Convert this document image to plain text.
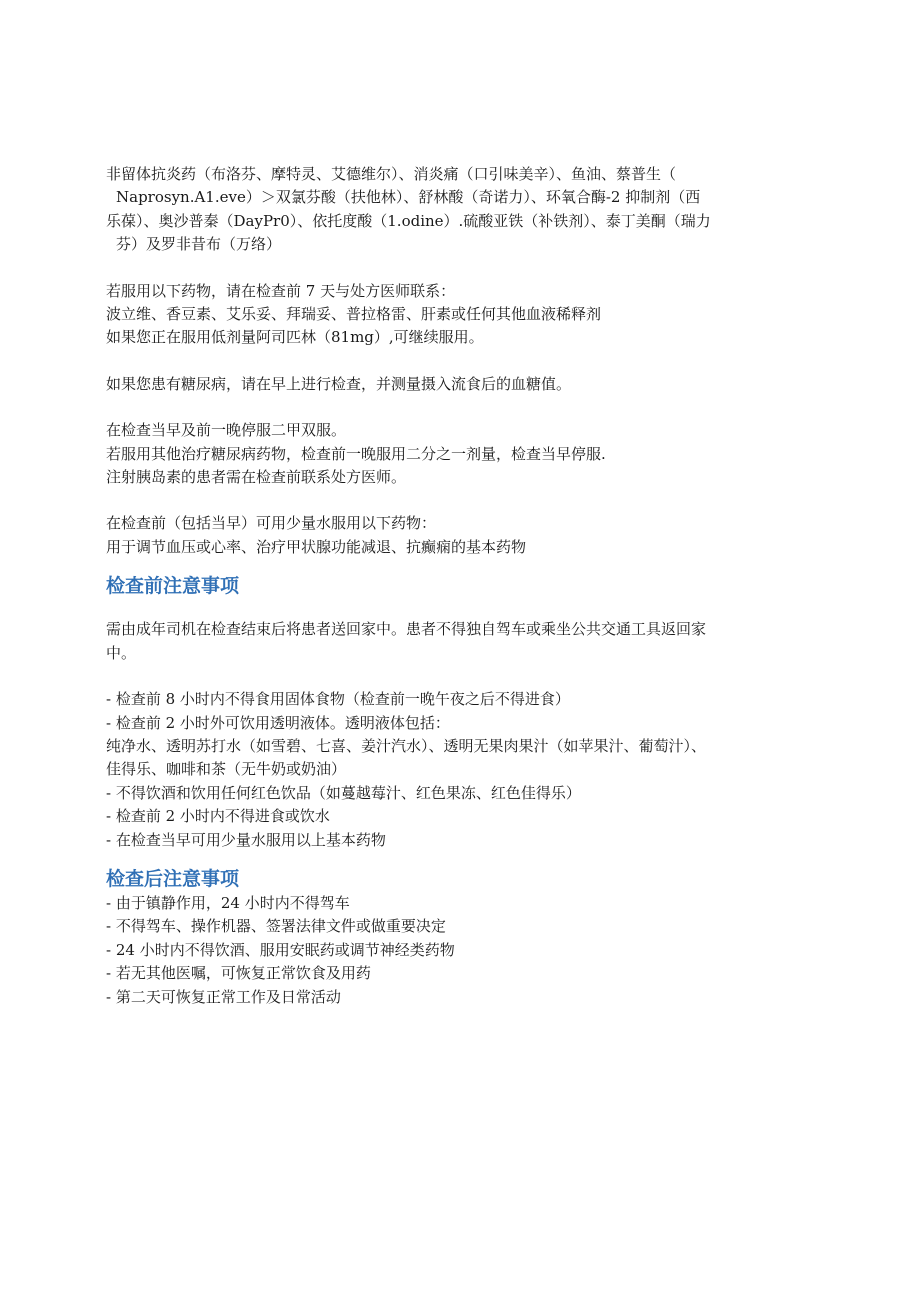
非留体抗炎药（布洛芬、摩特灵、艾德维尔）、消炎痛（口引味美辛）、鱼油、蔡普生（

Naprosyn.A1.eve）＞双氯芬酸（扶他林）、舒林酸（奇诺力）、环氧合酶-2 抑制剂（西

乐葆）、奥沙普秦（DayPr0）、依托度酸（1.odine）.硫酸亚铁（补铁剂）、泰丁美酮（瑞力

芬）及罗非昔布（万络）

若服用以下药物，请在检查前 7 天与处方医师联系：

波立维、香豆素、艾乐妥、拜瑞妥、普拉格雷、肝素或任何其他血液稀释剂

如果您正在服用低剂量阿司匹林（81mg）,可继续服用。

如果您患有糖尿病，请在早上进行检查，并测量摄入流食后的血糖值。

在检查当早及前一晚停服二甲双服。

若服用其他治疗糖尿病药物，检查前一晚服用二分之一剂量，检查当早停服.

注射胰岛素的患者需在检查前联系处方医师。

在检查前（包括当早）可用少量水服用以下药物：

用于调节血压或心率、治疗甲状腺功能减退、抗癫痫的基本药物

检查前注意事项

需由成年司机在检查结束后将患者送回家中。患者不得独自驾车或乘坐公共交通工具返回家

中。

- 检查前 8 小时内不得食用固体食物（检查前一晚午夜之后不得进食）

- 检查前 2 小时外可饮用透明液体。透明液体包括：

纯净水、透明苏打水（如雪碧、七喜、姜汁汽水）、透明无果肉果汁（如苹果汁、葡萄汁）、

佳得乐、咖啡和茶（无牛奶或奶油）

- 不得饮酒和饮用任何红色饮品（如蔓越莓汁、红色果冻、红色佳得乐）

- 检查前 2 小时内不得进食或饮水

- 在检查当早可用少量水服用以上基本药物

检查后注意事项

- 由于镇静作用，24 小时内不得驾车

- 不得驾车、操作机器、签署法律文件或做重要决定

- 24 小时内不得饮酒、服用安眠药或调节神经类药物

- 若无其他医嘱，可恢复正常饮食及用药

- 第二天可恢复正常工作及日常活动
